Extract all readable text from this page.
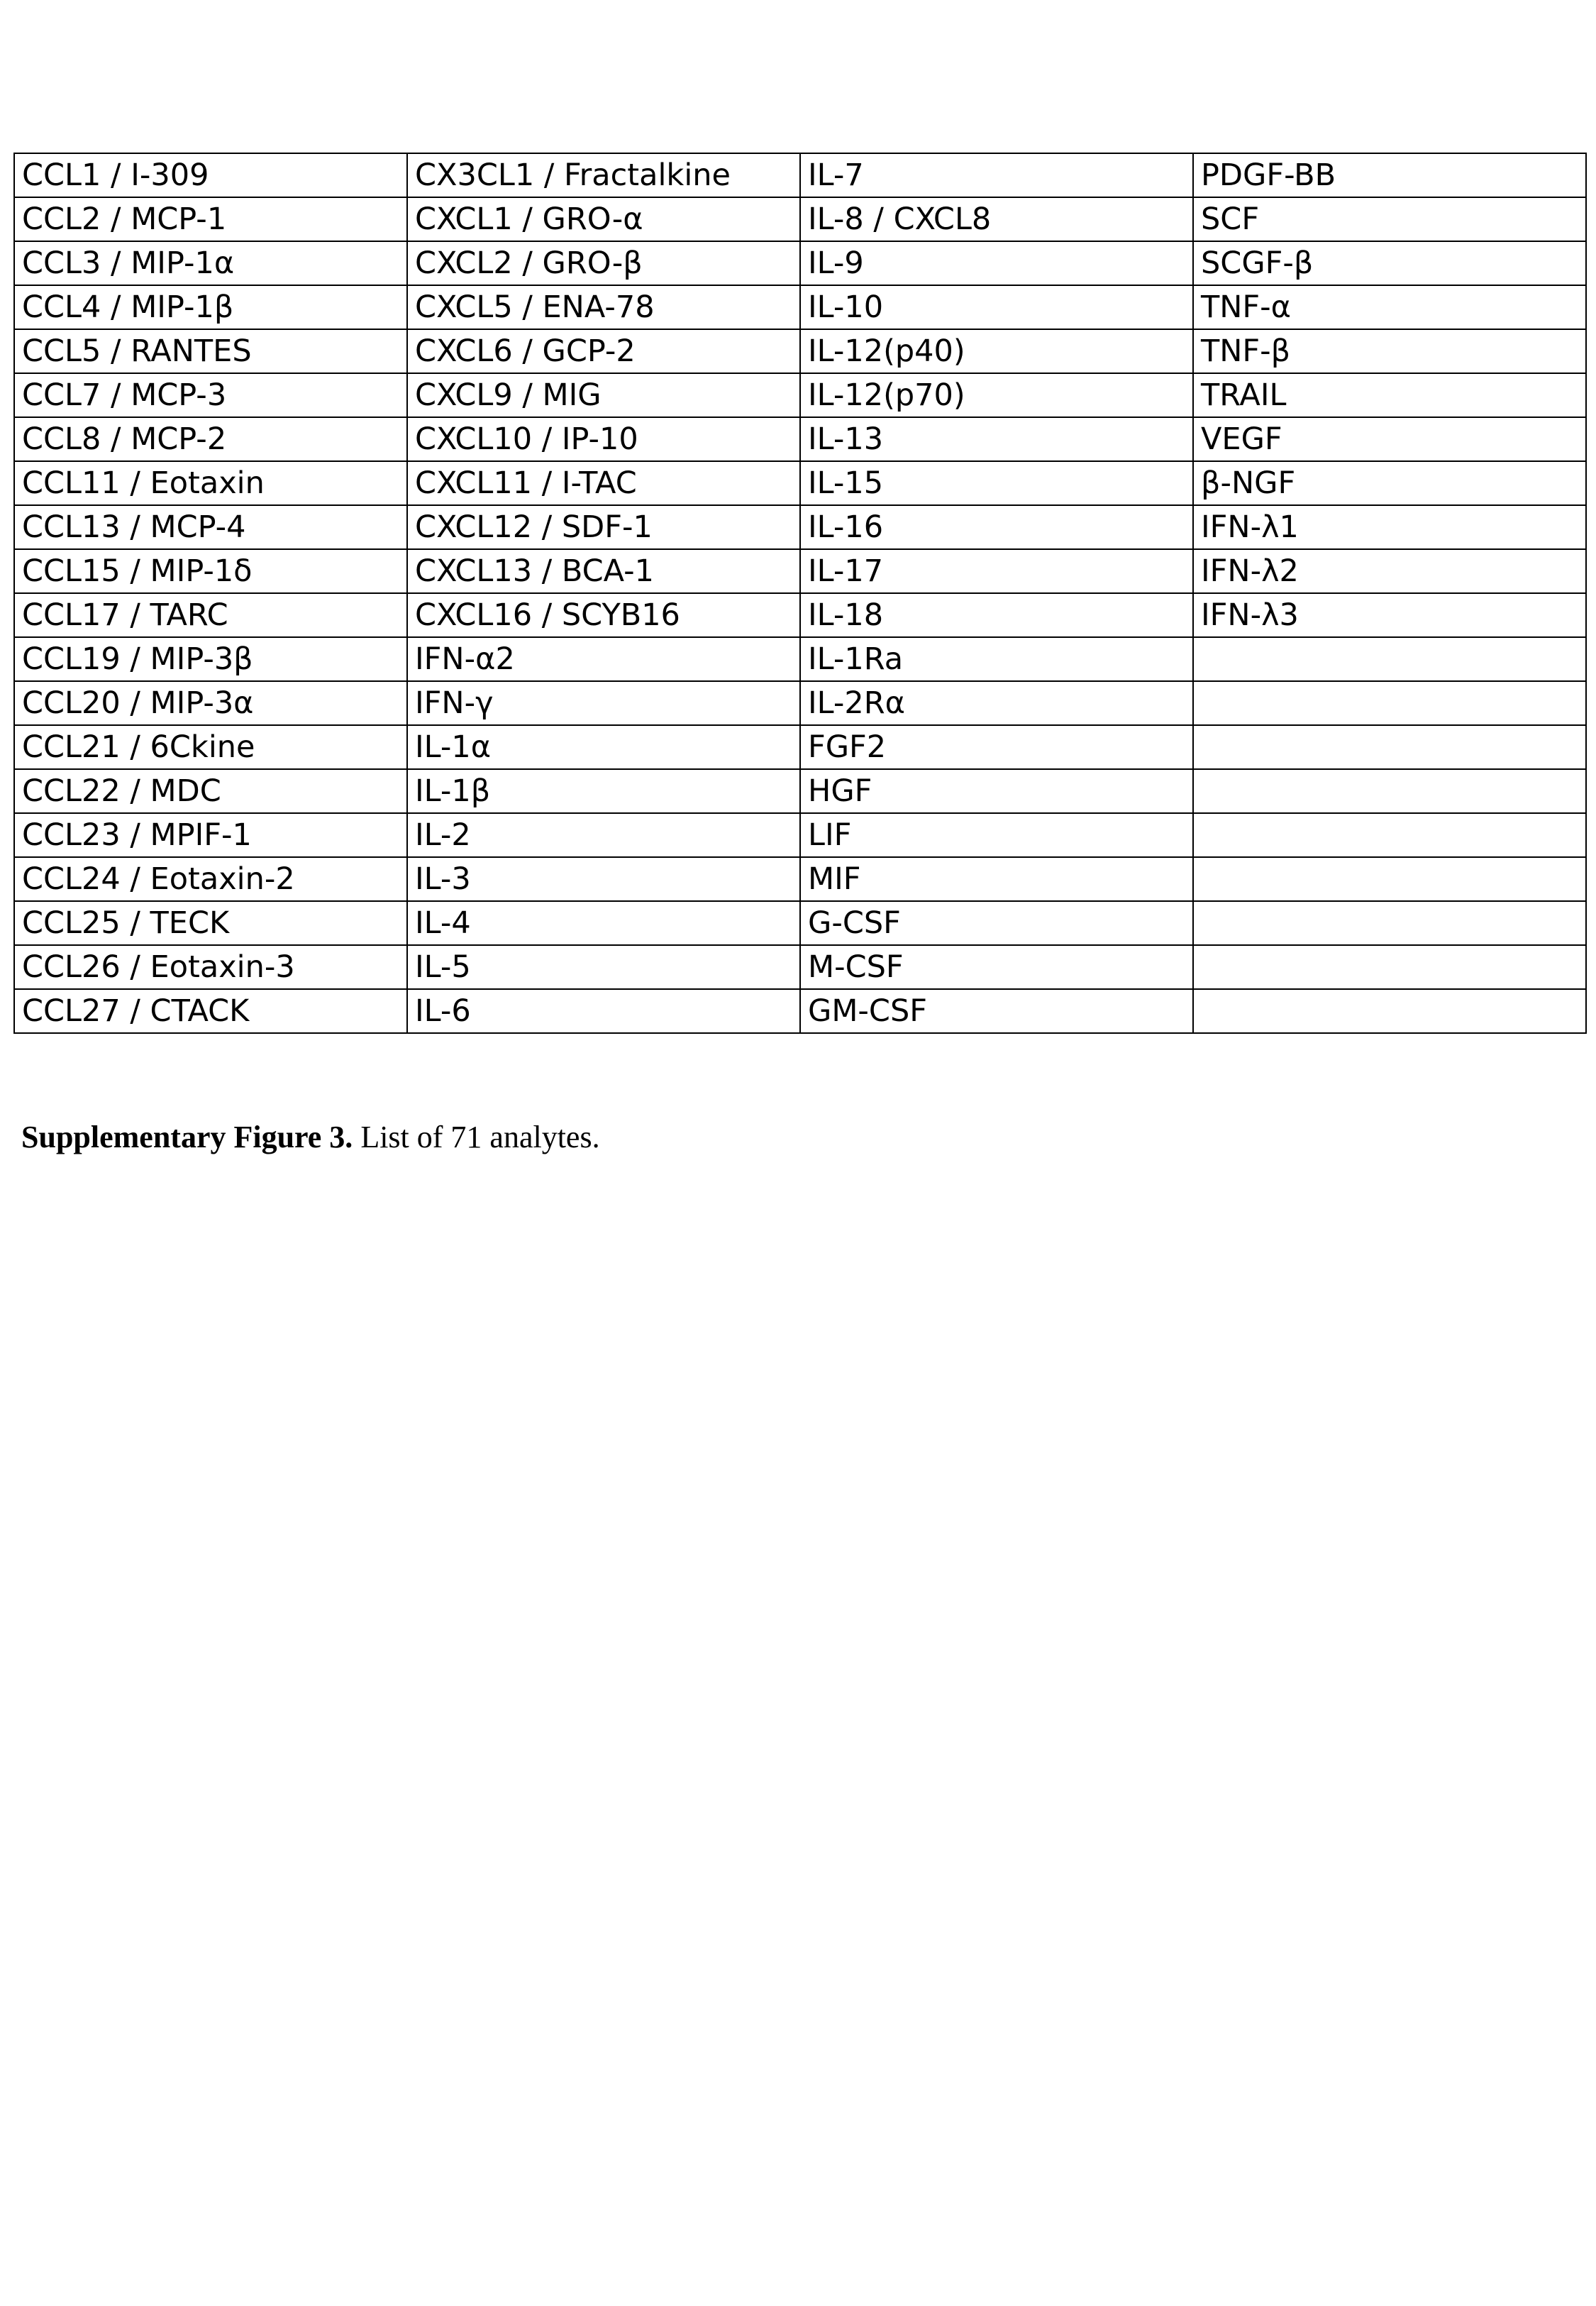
CCL1 / I-309	CX3CL1 / Fractalkine	IL-7	PDGF-BB
CCL2 / MCP-1	CXCL1 / GRO-α	IL-8 / CXCL8	SCF
CCL3 / MIP-1α	CXCL2 / GRO-β	IL-9	SCGF-β
CCL4 / MIP-1β	CXCL5 / ENA-78	IL-10	TNF-α
CCL5 / RANTES	CXCL6 / GCP-2	IL-12(p40)	TNF-β
CCL7 / MCP-3	CXCL9 / MIG	IL-12(p70)	TRAIL
CCL8 / MCP-2	CXCL10 / IP-10	IL-13	VEGF
CCL11 / Eotaxin	CXCL11 / I-TAC	IL-15	β-NGF
CCL13 / MCP-4	CXCL12 / SDF-1	IL-16	IFN-λ1
CCL15 / MIP-1δ	CXCL13 / BCA-1	IL-17	IFN-λ2
CCL17 / TARC	CXCL16 / SCYB16	IL-18	IFN-λ3
CCL19 / MIP-3β	IFN-α2	IL-1Ra	
CCL20 / MIP-3α	IFN-γ	IL-2Rα	
CCL21 / 6Ckine	IL-1α	FGF2	
CCL22 / MDC	IL-1β	HGF	
CCL23 / MPIF-1	IL-2	LIF	
CCL24 / Eotaxin-2	IL-3	MIF	
CCL25 / TECK	IL-4	G-CSF	
CCL26 / Eotaxin-3	IL-5	M-CSF	
CCL27 / CTACK	IL-6	GM-CSF	

Supplementary Figure 3. List of 71 analytes.
